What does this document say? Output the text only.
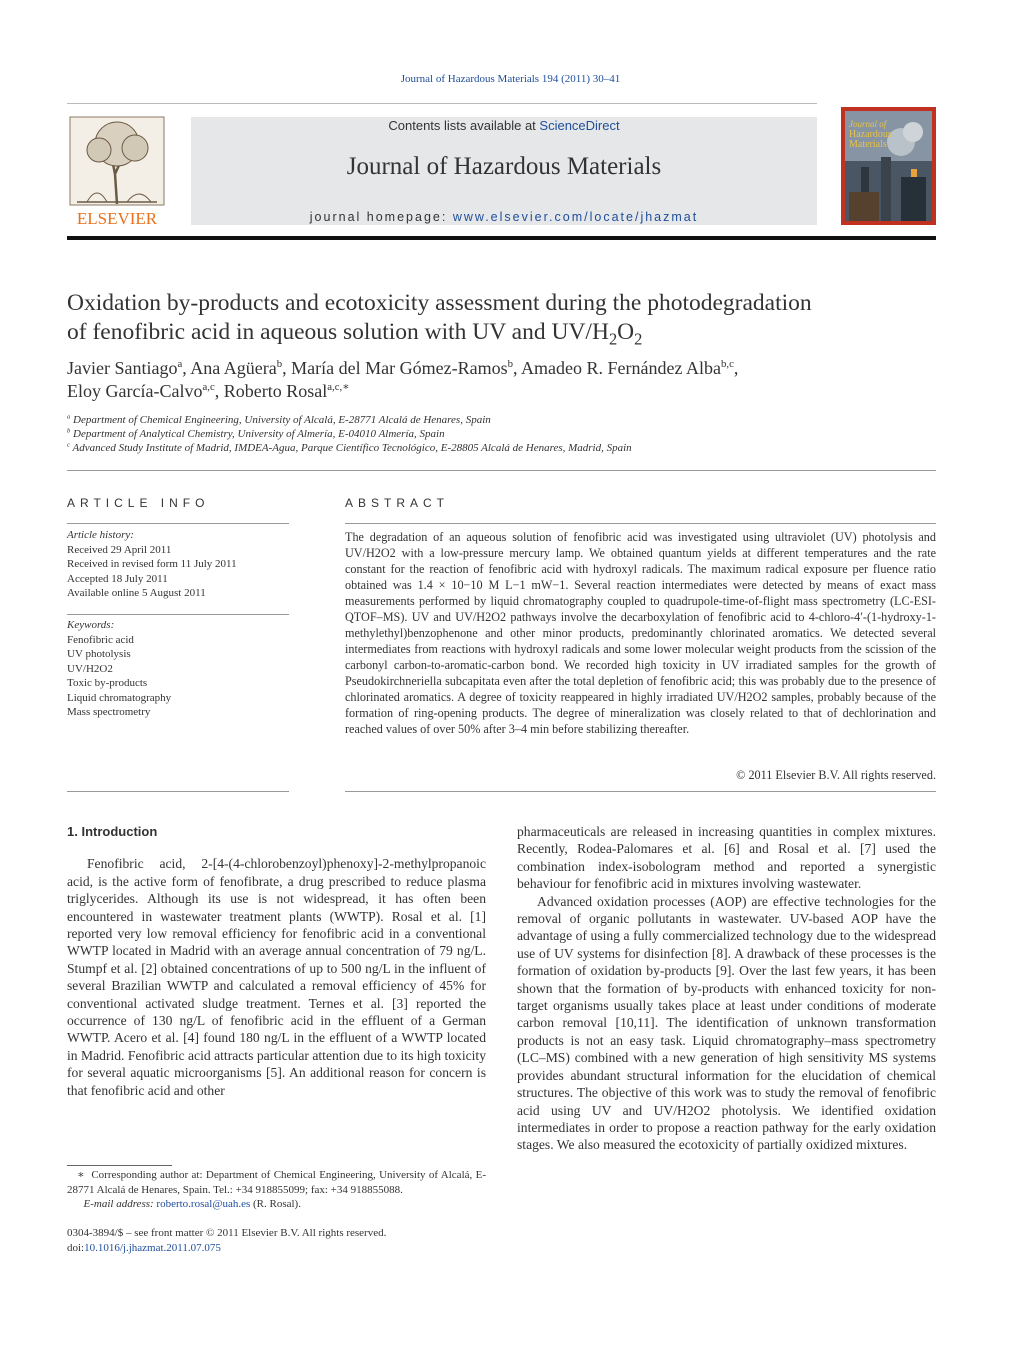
Journal of Hazardous Materials 194 (2011) 30–41
ELSEVIER
Contents lists available at ScienceDirect
Journal of Hazardous Materials
journal homepage: www.elsevier.com/locate/jhazmat
Journal of
Hazardous
Materials
Oxidation by-products and ecotoxicity assessment during the photodegradation
of fenofibric acid in aqueous solution with UV and $UV/H_2O_2$
Javier Santiago$^a$, Ana Agüera$^b$, María del Mar Gómez-Ramos$^b$, Amadeo R. Fernández Alba$^{b,c}$,
Eloy García-Calvo$^{a,c}$, Roberto Rosal$^{a,c,∗}$
$^a$ Department of Chemical Engineering, University of Alcalá, E-28771 Alcalá de Henares, Spain
$^b$ Department of Analytical Chemistry, University of Almería, E-04010 Almería, Spain
$^c$ Advanced Study Institute of Madrid, IMDEA-Agua, Parque Científico Tecnológico, E-28805 Alcalá de Henares, Madrid, Spain
ARTICLE INFO
Article history:
Received 29 April 2011
Received in revised form 11 July 2011
Accepted 18 July 2011
Available online 5 August 2011
Keywords:
Fenofibric acid
UV photolysis
UV/H2O2
Toxic by-products
Liquid chromatography
Mass spectrometry
ABSTRACT
The degradation of an aqueous solution of fenofibric acid was investigated using ultraviolet (UV) photolysis and UV/H2O2 with a low-pressure mercury lamp. We obtained quantum yields at different temperatures and the rate constant for the reaction of fenofibric acid with hydroxyl radicals. The maximum radical exposure per fluence ratio obtained was 1.4 × 10−10 M L−1 mW−1. Several reaction intermediates were detected by means of exact mass measurements performed by liquid chromatography coupled to quadrupole-time-of-flight mass spectrometry (LC-ESI-QTOF–MS). UV and UV/H2O2 pathways involve the decarboxylation of fenofibric acid to 4-chloro-4′-(1-hydroxy-1-methylethyl)benzophenone and other minor products, predominantly chlorinated aromatics. We detected several intermediates from reactions with hydroxyl radicals and some lower molecular weight products from the scission of the carbonyl carbon-to-aromatic-carbon bond. We recorded high toxicity in UV irradiated samples for the growth of Pseudokirchneriella subcapitata even after the total depletion of fenofibric acid; this was probably due to the presence of chlorinated aromatics. A degree of toxicity reappeared in highly irradiated UV/H2O2 samples, probably because of the formation of ring-opening products. The degree of mineralization was closely related to that of dechlorination and reached values of over 50% after 3–4 min before stabilizing thereafter.
© 2011 Elsevier B.V. All rights reserved.
1. Introduction

Fenofibric acid, 2-[4-(4-chlorobenzoyl)phenoxy]-2-methylpropanoic acid, is the active form of fenofibrate, a drug prescribed to reduce plasma triglycerides. Although its use is not widespread, it has often been encountered in wastewater treatment plants (WWTP). Rosal et al. [1] reported very low removal efficiency for fenofibric acid in a conventional WWTP located in Madrid with an average annual concentration of 79 ng/L. Stumpf et al. [2] obtained concentrations of up to 500 ng/L in the influent of several Brazilian WWTP and calculated a removal efficiency of 45% for conventional activated sludge treatment. Ternes et al. [3] reported the occurrence of 130 ng/L of fenofibric acid in the effluent of a German WWTP. Acero et al. [4] found 180 ng/L in the effluent of a WWTP located in Madrid. Fenofibric acid attracts particular attention due to its high toxicity for several aquatic microorganisms [5]. An additional reason for concern is that fenofibric acid and other

pharmaceuticals are released in increasing quantities in complex mixtures. Recently, Rodea-Palomares et al. [6] and Rosal et al. [7] used the combination index-isobologram method and reported a synergistic behaviour for fenofibric acid in mixtures involving wastewater.

Advanced oxidation processes (AOP) are effective technologies for the removal of organic pollutants in wastewater. UV-based AOP have the advantage of using a fully commercialized technology due to the widespread use of UV systems for disinfection [8]. A drawback of these processes is the formation of oxidation by-products [9]. Over the last few years, it has been shown that the formation of by-products with enhanced toxicity for non-target organisms usually takes place at least under conditions of moderate carbon removal [10,11]. The identification of unknown transformation products is not an easy task. Liquid chromatography–mass spectrometry (LC–MS) combined with a new generation of high sensitivity MS systems provides abundant structural information for the elucidation of chemical structures. The objective of this work was to study the removal of fenofibric acid using UV and UV/H2O2 photolysis. We identified oxidation intermediates in order to propose a reaction pathway for the early oxidation stages. We also measured the ecotoxicity of partially oxidized mixtures.

∗ Corresponding author at: Department of Chemical Engineering, University of Alcalá, E-28771 Alcalá de Henares, Spain. Tel.: +34 918855099; fax: +34 918855088.
E-mail address: roberto.rosal@uah.es (R. Rosal).
0304-3894/$ – see front matter © 2011 Elsevier B.V. All rights reserved.
doi:10.1016/j.jhazmat.2011.07.075
